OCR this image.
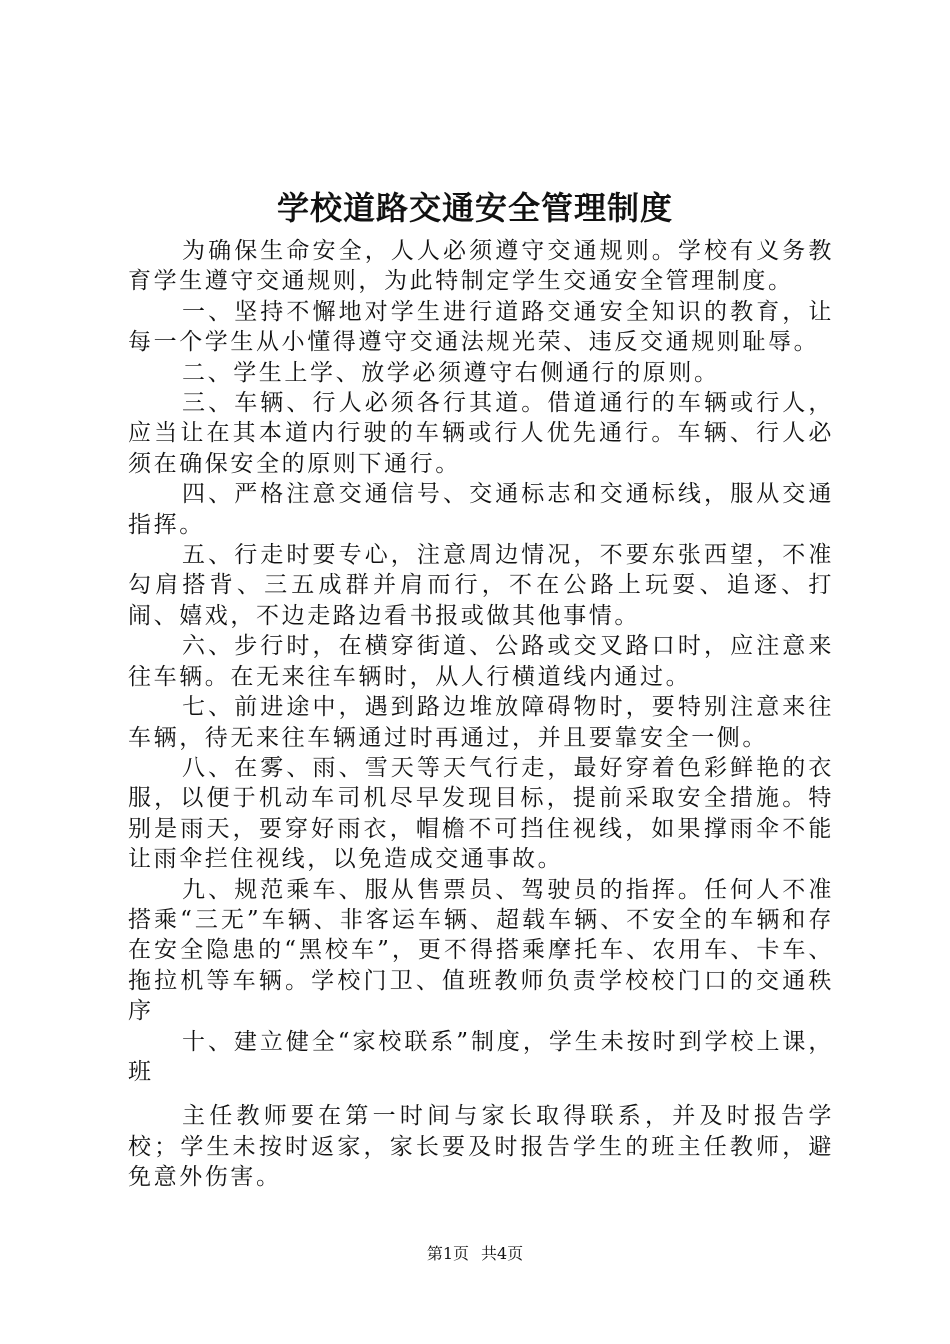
学校道路交通安全管理制度

为确保生命安全，人人必须遵守交通规则。学校有义务教育学生遵守交通规则，为此特制定学生交通安全管理制度。

一、坚持不懈地对学生进行道路交通安全知识的教育，让每一个学生从小懂得遵守交通法规光荣、违反交通规则耻辱。

二、学生上学、放学必须遵守右侧通行的原则。

三、车辆、行人必须各行其道。借道通行的车辆或行人，应当让在其本道内行驶的车辆或行人优先通行。车辆、行人必须在确保安全的原则下通行。

四、严格注意交通信号、交通标志和交通标线，服从交通指挥。

五、行走时要专心，注意周边情况，不要东张西望，不准勾肩搭背、三五成群并肩而行，不在公路上玩耍、追逐、打闹、嬉戏，不边走路边看书报或做其他事情。

六、步行时，在横穿街道、公路或交叉路口时，应注意来往车辆。在无来往车辆时，从人行横道线内通过。

七、前进途中，遇到路边堆放障碍物时，要特别注意来往车辆，待无来往车辆通过时再通过，并且要靠安全一侧。

八、在雾、雨、雪天等天气行走，最好穿着色彩鲜艳的衣服，以便于机动车司机尽早发现目标，提前采取安全措施。特别是雨天，要穿好雨衣，帽檐不可挡住视线，如果撑雨伞不能让雨伞拦住视线，以免造成交通事故。

九、规范乘车、服从售票员、驾驶员的指挥。任何人不准搭乘“三无”车辆、非客运车辆、超载车辆、不安全的车辆和存在安全隐患的“黑校车”，更不得搭乘摩托车、农用车、卡车、拖拉机等车辆。学校门卫、值班教师负责学校校门口的交通秩序

十、建立健全“家校联系”制度，学生未按时到学校上课，班

主任教师要在第一时间与家长取得联系，并及时报告学校；学生未按时返家，家长要及时报告学生的班主任教师，避免意外伤害。

第1页 共4页
